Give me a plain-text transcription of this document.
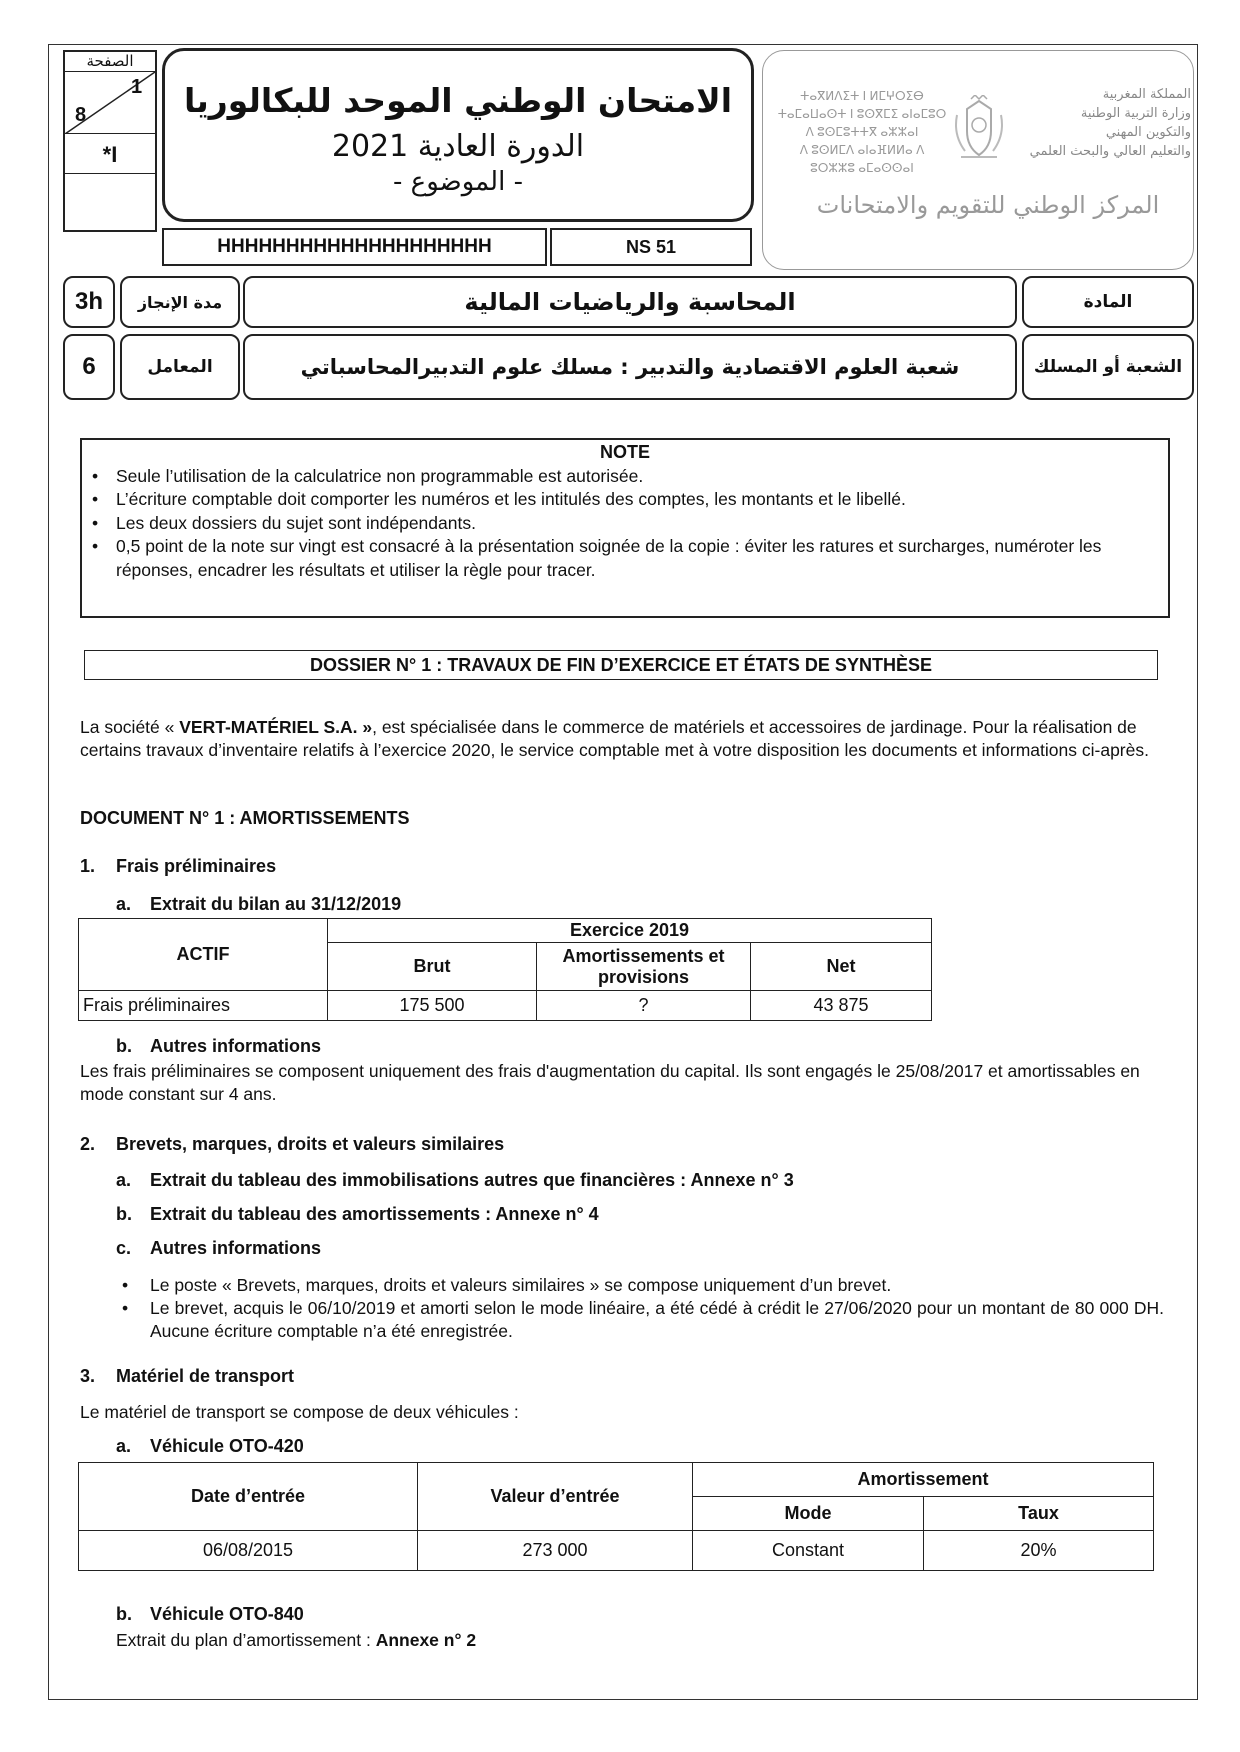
الصفحة
1
8
*I
الامتحان الوطني الموحد للبكالوريا
الدورة العادية 2021
- الموضوع -
HHHHHHHHHHHHHHHHHHHH	NS 51
ⵜⴰⴳⵍⴷⵉⵜ ⵏ ⵍⵎⵖⵔⵉⴱ
ⵜⴰⵎⴰⵡⴰⵙⵜ ⵏ ⵓⵙⴳⵎⵉ ⴰⵏⴰⵎⵓⵔ
ⴷ ⵓⵙⵎⵓⵜⵜⴳ ⴰⵣⵣⴰⵏ
ⴷ ⵓⵙⵍⵎⴷ ⴰⵏⴰⴼⵍⵍⴰ ⴷ ⵓⵔⵣⵣⵓ ⴰⵎⴰⵙⵙⴰⵏ
المملكة المغربية
وزارة التربية الوطنية
والتكوين المهني
والتعليم العالي والبحث العلمي
المركز الوطني للتقويم والامتحانات
3h	مدة الإنجاز	المحاسبة والرياضيات المالية	المادة
6	المعامل	شعبة العلوم الاقتصادية والتدبير : مسلك علوم التدبيرالمحاسباتي	الشعبة أو المسلك
NOTE
• Seule l’utilisation de la calculatrice non programmable est autorisée.
• L’écriture comptable doit comporter les numéros et les intitulés des comptes, les montants et le libellé.
• Les deux dossiers du sujet sont indépendants.
• 0,5 point de la note sur vingt est consacré à la présentation soignée de la copie : éviter les ratures et surcharges, numéroter les réponses, encadrer les résultats et utiliser la règle pour tracer.
DOSSIER N° 1 : TRAVAUX DE FIN D’EXERCICE ET ÉTATS DE SYNTHÈSE
La société « VERT-MATÉRIEL S.A. », est spécialisée dans le commerce de matériels et accessoires de jardinage. Pour la réalisation de certains travaux d’inventaire relatifs à l’exercice 2020, le service comptable met à votre disposition les documents et informations ci-après.
DOCUMENT N° 1 : AMORTISSEMENTS
1. Frais préliminaires
a. Extrait du bilan au 31/12/2019
ACTIF	Exercice 2019		
	Brut	Amortissements et provisions	Net
Frais préliminaires	175 500	?	43 875
b. Autres informations
Les frais préliminaires se composent uniquement des frais d'augmentation du capital. Ils sont engagés le 25/08/2017 et amortissables en mode constant sur 4 ans.
2. Brevets, marques, droits et valeurs similaires
a. Extrait du tableau des immobilisations autres que financières : Annexe n° 3
b. Extrait du tableau des amortissements : Annexe n° 4
c. Autres informations
• Le poste « Brevets, marques, droits et valeurs similaires » se compose uniquement d’un brevet.
• Le brevet, acquis le 06/10/2019 et amorti selon le mode linéaire, a été cédé à crédit le 27/06/2020 pour un montant de 80 000 DH. Aucune écriture comptable n’a été enregistrée.
3. Matériel de transport
Le matériel de transport se compose de deux véhicules :
a. Véhicule OTO-420
Date d’entrée	Valeur d’entrée	Amortissement	
		Mode	Taux
06/08/2015	273 000	Constant	20%
b. Véhicule OTO-840
Extrait du plan d’amortissement : Annexe n° 2
